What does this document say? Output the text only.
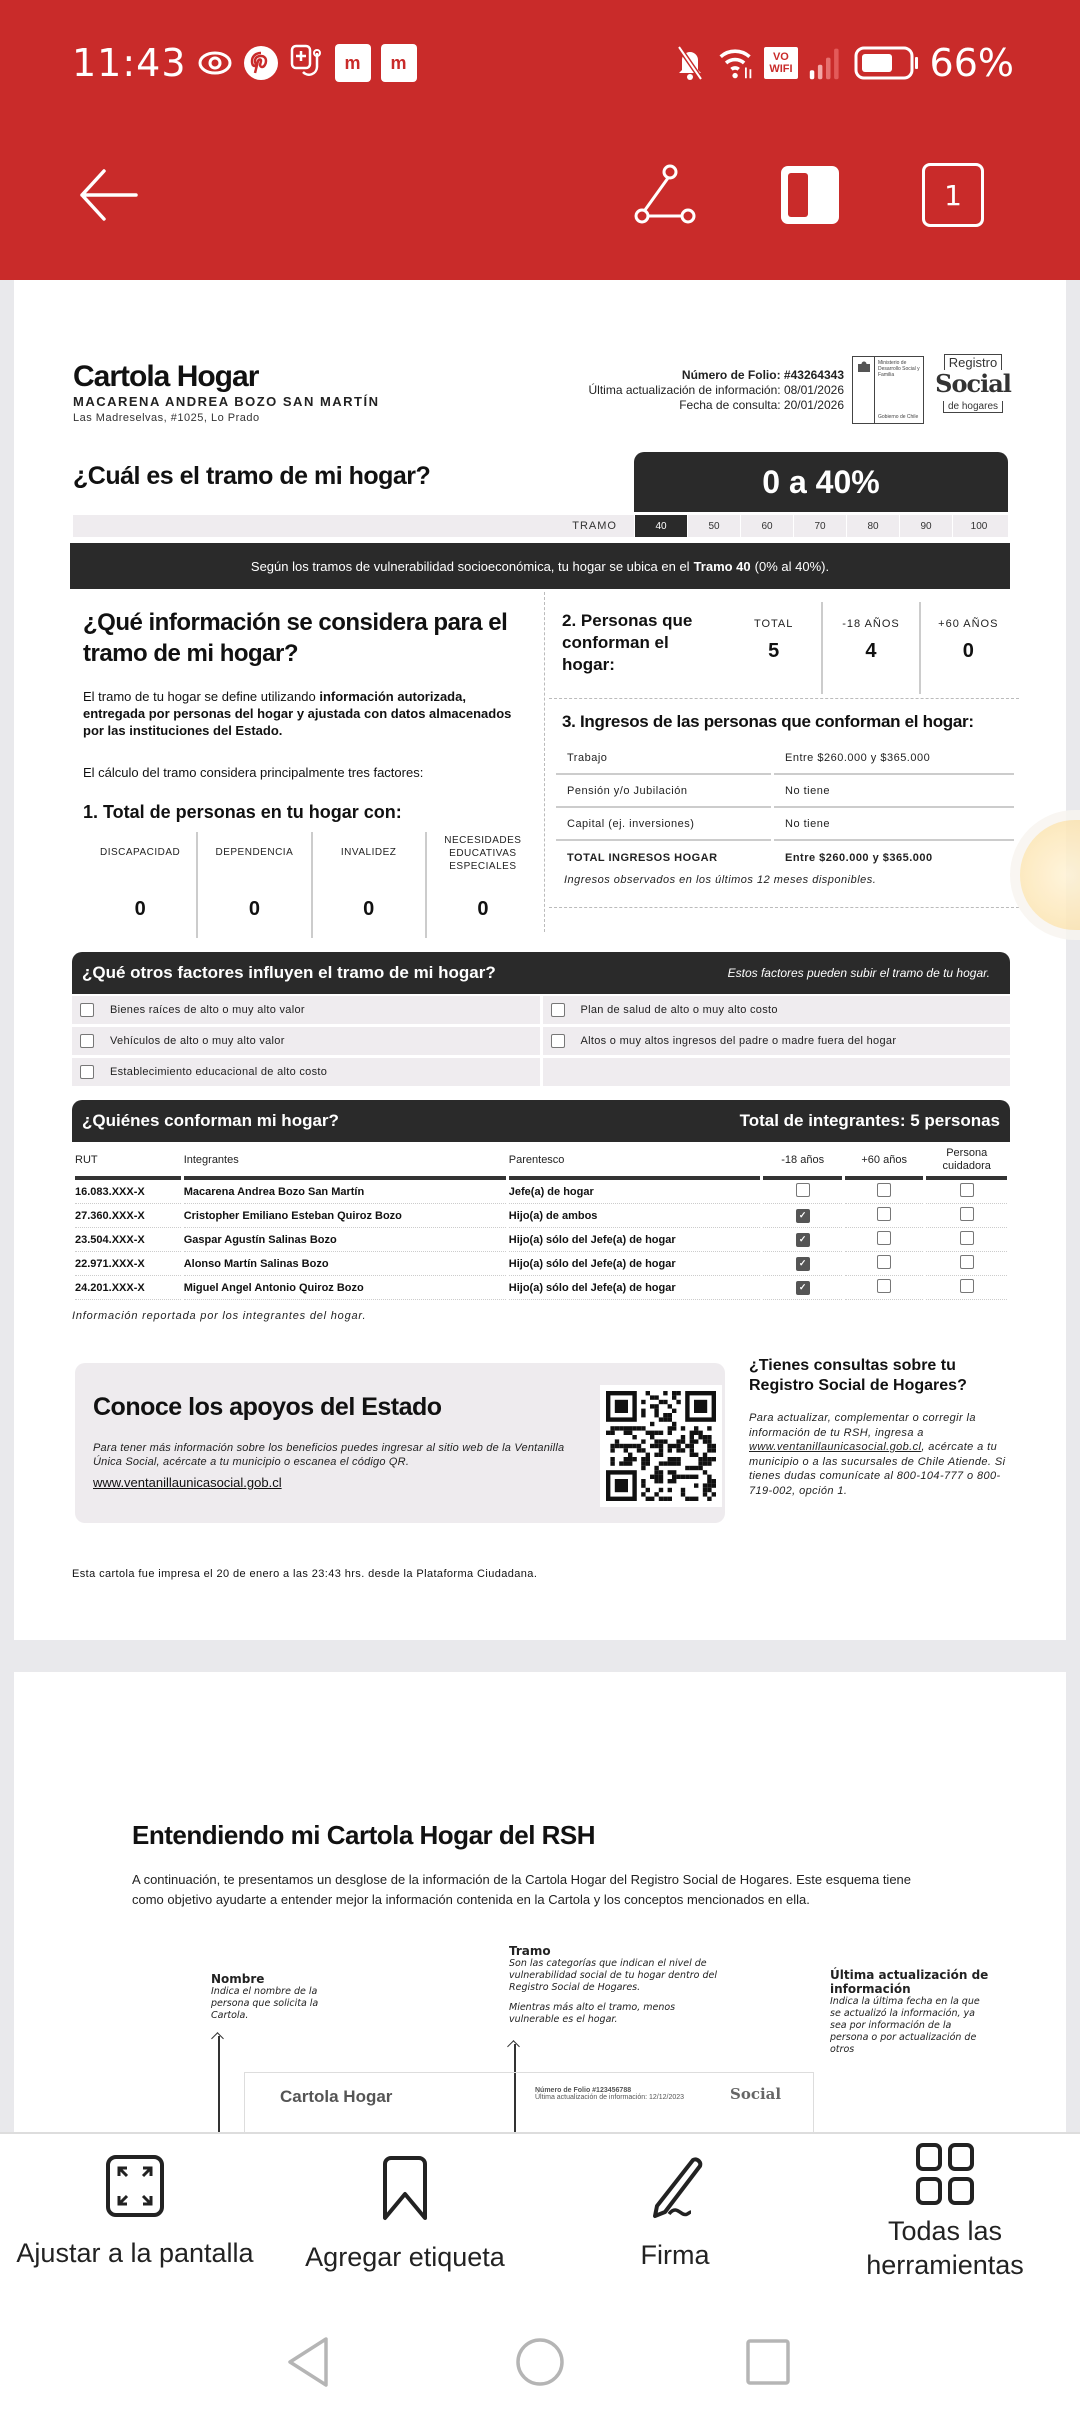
11:43	m	m	VO
WIFI	66%
1
Cartola Hogar
MACARENA ANDREA BOZO SAN MARTÍN
Las Madreselvas, #1025, Lo Prado
Número de Folio: #43264343
Última actualización de información: 08/01/2026
Fecha de consulta: 20/01/2026
Ministerio de Desarrollo Social y Familia
Gobierno de Chile
Registro
Social
de hogares
¿Cuál es el tramo de mi hogar?	0 a 40%
TRAMO	40	50	60	70	80	90	100
Según los tramos de vulnerabilidad socioeconómica, tu hogar se ubica en el Tramo 40 (0% al 40%).
¿Qué información se considera para el tramo de mi hogar?
El tramo de tu hogar se define utilizando información autorizada, entregada por personas del hogar y ajustada con datos almacenados por las instituciones del Estado.
El cálculo del tramo considera principalmente tres factores:
1. Total de personas en tu hogar con:
DISCAPACIDAD
0
DEPENDENCIA
0
INVALIDEZ
0
NECESIDADES EDUCATIVAS ESPECIALES
0
2. Personas que conforman el hogar:
TOTAL
5
-18 AÑOS
4
+60 AÑOS
0
3. Ingresos de las personas que conforman el hogar:
Trabajo	Entre $260.000 y $365.000
Pensión y/o Jubilación	No tiene
Capital (ej. inversiones)	No tiene
TOTAL INGRESOS HOGAR	Entre $260.000 y $365.000
Ingresos observados en los últimos 12 meses disponibles.
¿Qué otros factores influyen el tramo de mi hogar?	Estos factores pueden subir el tramo de tu hogar.
Bienes raíces de alto o muy alto valor	Plan de salud de alto o muy alto costo
Vehículos de alto o muy alto valor	Altos o muy altos ingresos del padre o madre fuera del hogar
Establecimiento educacional de alto costo
¿Quiénes conforman mi hogar?	Total de integrantes: 5 personas
RUT	Integrantes	Parentesco	-18 años	+60 años	Persona cuidadora
16.083.XXX-X	Macarena Andrea Bozo San Martín	Jefe(a) de hogar			
27.360.XXX-X	Cristopher Emiliano Esteban Quiroz Bozo	Hijo(a) de ambos	✓		
23.504.XXX-X	Gaspar Agustín Salinas Bozo	Hijo(a) sólo del Jefe(a) de hogar	✓		
22.971.XXX-X	Alonso Martín Salinas Bozo	Hijo(a) sólo del Jefe(a) de hogar	✓		
24.201.XXX-X	Miguel Angel Antonio Quiroz Bozo	Hijo(a) sólo del Jefe(a) de hogar	✓		
Información reportada por los integrantes del hogar.
Conoce los apoyos del Estado
Para tener más información sobre los beneficios puedes ingresar al sitio web de la Ventanilla Única Social, acércate a tu municipio o escanea el código QR.
www.ventanillaunicasocial.gob.cl
¿Tienes consultas sobre tu Registro Social de Hogares?
Para actualizar, complementar o corregir la información de tu RSH, ingresa a www.ventanillaunicasocial.gob.cl, acércate a tu municipio o a las sucursales de Chile Atiende. Si tienes dudas comunícate al 800-104-777 o 800-719-002, opción 1.
Esta cartola fue impresa el 20 de enero a las 23:43 hrs. desde la Plataforma Ciudadana.
Entendiendo mi Cartola Hogar del RSH
A continuación, te presentamos un desglose de la información de la Cartola Hogar del Registro Social de Hogares. Este esquema tiene como objetivo ayudarte a entender mejor la información contenida en la Cartola y los conceptos mencionados en ella.
Nombre
Indica el nombre de la persona que solicita la Cartola.
Tramo
Son las categorías que indican el nivel de vulnerabilidad social de tu hogar dentro del Registro Social de Hogares.
Mientras más alto el tramo, menos vulnerable es el hogar.
Última actualización de información
Indica la última fecha en la que se actualizó la información, ya sea por información de la persona o por actualización de otros
Cartola Hogar	Número de Folio #123456788
Última actualización de información: 12/12/2023	Social
Ajustar a la pantalla	Agregar etiqueta	Firma
Todas las herramientas
